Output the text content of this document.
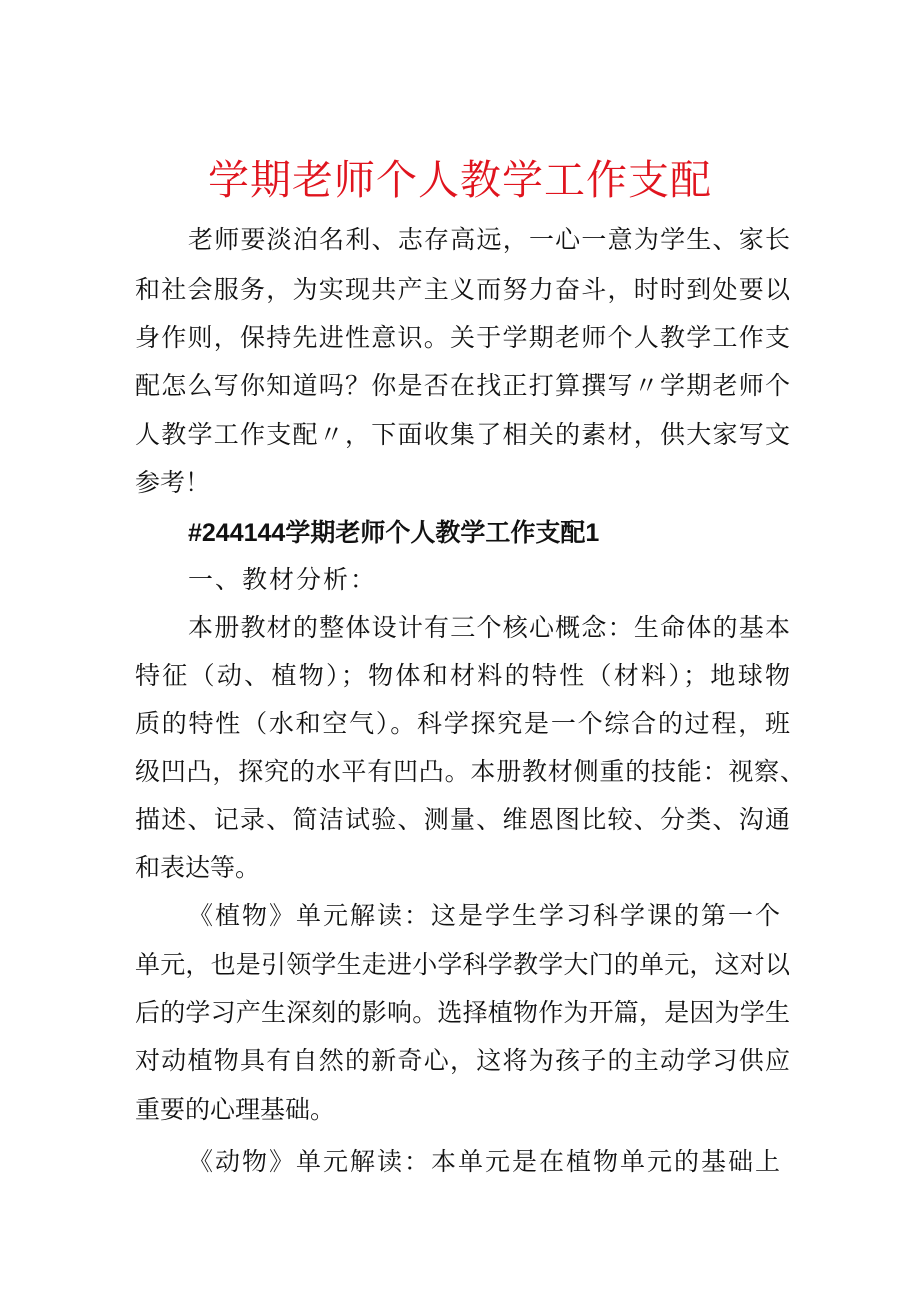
学期老师个人教学工作支配
老师要淡泊名利、志存高远，一心一意为学生、家长
和社会服务，为实现共产主义而努力奋斗，时时到处要以
身作则，保持先进性意识。关于学期老师个人教学工作支
配怎么写你知道吗？你是否在找正打算撰写〃学期老师个
人教学工作支配〃，下面收集了相关的素材，供大家写文
参考！
#244144学期老师个人教学工作支配1
一、教材分析：
本册教材的整体设计有三个核心概念：生命体的基本
特征（动、植物）；物体和材料的特性（材料）；地球物
质的特性（水和空气）。科学探究是一个综合的过程，班
级凹凸，探究的水平有凹凸。本册教材侧重的技能：视察、
描述、记录、简洁试验、测量、维恩图比较、分类、沟通
和表达等。
《植物》单元解读：这是学生学习科学课的第一个
单元，也是引领学生走进小学科学教学大门的单元，这对以
后的学习产生深刻的影响。选择植物作为开篇，是因为学生
对动植物具有自然的新奇心，这将为孩子的主动学习供应
重要的心理基础。
《动物》单元解读：本单元是在植物单元的基础上
